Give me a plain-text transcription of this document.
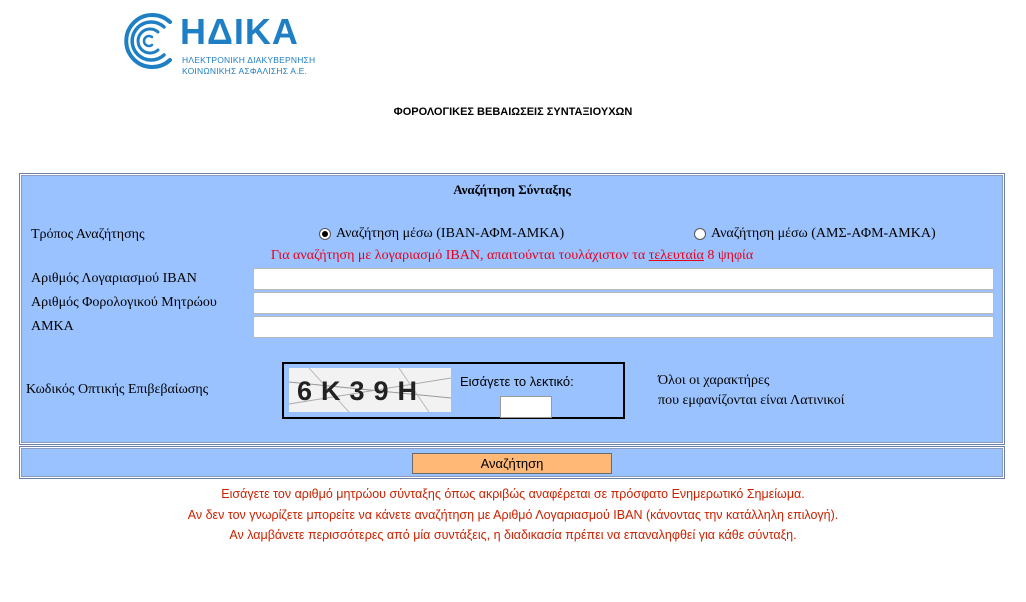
ΗΔΙΚΑ
ΗΛΕΚΤΡΟΝΙΚΗ ΔΙΑΚΥΒΕΡΝΗΣΗ
ΚΟΙΝΩΝΙΚΗΣ ΑΣΦΑΛΙΣΗΣ Α.Ε.
ΦΟΡΟΛΟΓΙΚΕΣ ΒΕΒΑΙΩΣΕΙΣ ΣΥΝΤΑΞΙΟΥΧΩΝ
Αναζήτηση Σύνταξης
Τρόπος Αναζήτησης	Αναζήτηση μέσω (ΙΒΑΝ-ΑΦΜ-ΑΜΚΑ)	Αναζήτηση μέσω (ΑΜΣ-ΑΦΜ-ΑΜΚΑ)
Για αναζήτηση με λογαριασμό IBAN, απαιτούνται τουλάχιστον τα τελευταία 8 ψηφία
Αριθμός Λογαριασμού IBAN
Αριθμός Φορολογικού Μητρώου
ΑΜΚΑ
Κωδικός Οπτικής Επιβεβαίωσης	6K39H	Εισάγετε το λεκτικό:	Όλοι οι χαρακτήρες
που εμφανίζονται είναι Λατινικοί
Αναζήτηση
Εισάγετε τον αριθμό μητρώου σύνταξης όπως ακριβώς αναφέρεται σε πρόσφατο Ενημερωτικό Σημείωμα.
Αν δεν τον γνωρίζετε μπορείτε να κάνετε αναζήτηση με Αριθμό Λογαριασμού IBAN (κάνοντας την κατάλληλη επιλογή).
Αν λαμβάνετε περισσότερες από μία συντάξεις, η διαδικασία πρέπει να επαναληφθεί για κάθε σύνταξη.
